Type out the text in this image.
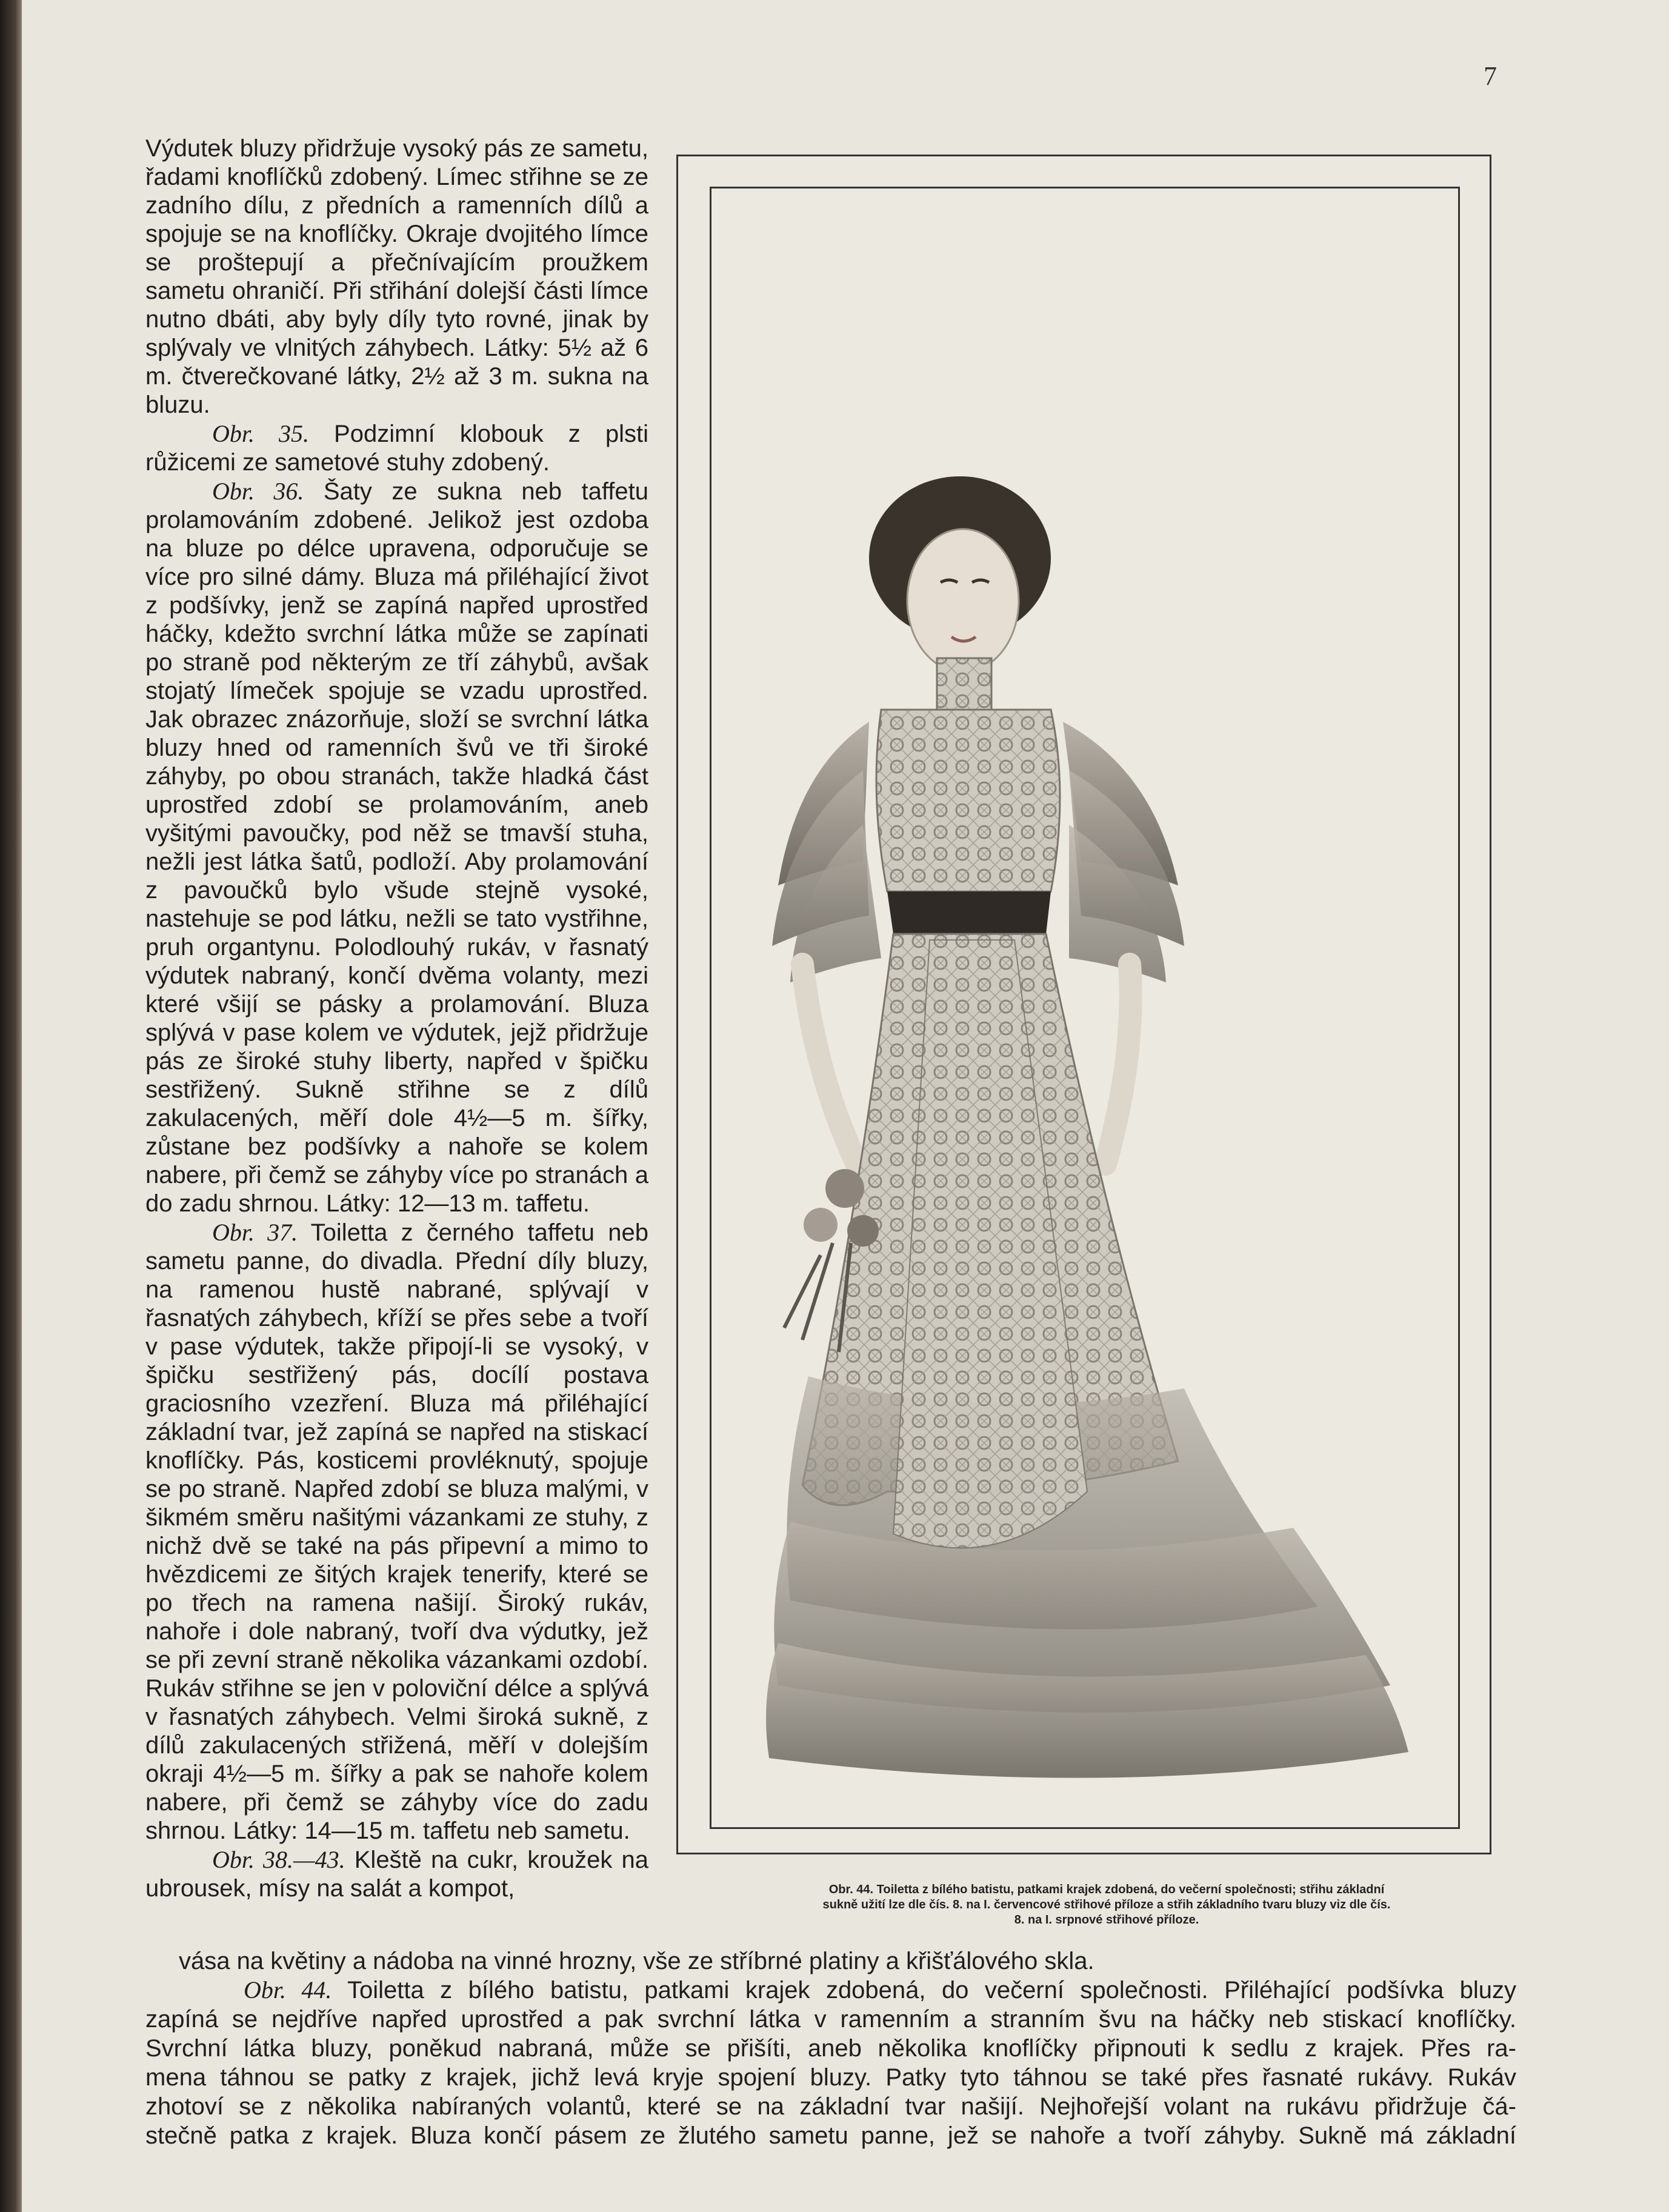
7

Výdutek bluzy přidržuje vysoký pás ze sametu, řadami knoflíčků zdobený. Límec střihne se ze zadního dílu, z předních a ramenních dílů a spojuje se na knoflíčky. Okraje dvojitého límce se proštepují a přečnívajícím proužkem sametu ohraničí. Při střihání dolejší části límce nutno dbáti, aby byly díly tyto rovné, jinak by splývaly ve vlnitých záhybech. Látky: 5½ až 6 m. čtverečkované látky, 2½ až 3 m. sukna na bluzu.

Obr. 35. Podzimní klobouk z plsti růžicemi ze sametové stuhy zdobený.

Obr. 36. Šaty ze sukna neb taffetu prolamováním zdobené. Jelikož jest ozdoba na bluze po délce upravena, odporučuje se více pro silné dámy. Bluza má přiléhající život z podšívky, jenž se zapíná napřed uprostřed háčky, kdežto svrchní látka může se zapínati po straně pod některým ze tří záhybů, avšak stojatý límeček spojuje se vzadu uprostřed. Jak obrazec znázorňuje, složí se svrchní látka bluzy hned od ramenních švů ve tři široké záhyby, po obou stranách, takže hladká část uprostřed zdobí se prolamováním, aneb vyšitými pavoučky, pod něž se tmavší stuha, nežli jest látka šatů, podloží. Aby prolamování z pavoučků bylo všude stejně vysoké, nastehuje se pod látku, nežli se tato vystřihne, pruh organtynu. Polodlouhý rukáv, v řasnatý výdutek nabraný, končí dvěma volanty, mezi které všijí se pásky a prolamování. Bluza splývá v pase kolem ve výdutek, jejž přidržuje pás ze široké stuhy liberty, napřed v špičku sestřižený. Sukně střihne se z dílů zakulacených, měří dole 4½—5 m. šířky, zůstane bez podšívky a nahoře se kolem nabere, při čemž se záhyby více po stranách a do zadu shrnou. Látky: 12—13 m. taffetu.

Obr. 37. Toiletta z černého taffetu neb sametu panne, do divadla. Přední díly bluzy, na ramenou hustě nabrané, splývají v řasnatých záhybech, kříží se přes sebe a tvoří v pase výdutek, takže připojí-li se vysoký, v špičku sestřižený pás, docílí postava graciosního vzezření. Bluza má přiléhající základní tvar, jež zapíná se napřed na stiskací knoflíčky. Pás, kosticemi provléknutý, spojuje se po straně. Napřed zdobí se bluza malými, v šikmém směru našitými vázankami ze stuhy, z nichž dvě se také na pás připevní a mimo to hvězdicemi ze šitých krajek tenerify, které se po třech na ramena našijí. Široký rukáv, nahoře i dole nabraný, tvoří dva výdutky, jež se při zevní straně několika vázankami ozdobí. Rukáv střihne se jen v poloviční délce a splývá v řasnatých záhybech. Velmi široká sukně, z dílů zakulacených střižená, měří v dolejším okraji 4½—5 m. šířky a pak se nahoře kolem nabere, při čemž se záhyby více do zadu shrnou. Látky: 14—15 m. taffetu neb sametu.

Obr. 38.—43. Kleště na cukr, kroužek na ubrousek, mísy na salát a kompot,	Obr. 44. Toiletta z bílého batistu, patkami krajek zdobená, do večerní společnosti; střihu základní
sukně užití lze dle čís. 8. na I. červencové střihové příloze a střih základního tvaru bluzy viz dle čís.
8. na I. srpnové střihové příloze.
vása na květiny a nádoba na vinné hrozny, vše ze stříbrné platiny a křišťálového skla.
Obr. 44. Toiletta z bílého batistu, patkami krajek zdobená, do večerní společnosti. Přiléhající podšívka bluzy
zapíná se nejdříve napřed uprostřed a pak svrchní látka v ramenním a stranním švu na háčky neb stiskací knoflíčky.
Svrchní látka bluzy, poněkud nabraná, může se přišíti, aneb několika knoflíčky připnouti k sedlu z krajek. Přes ra-
mena táhnou se patky z krajek, jichž levá kryje spojení bluzy. Patky tyto táhnou se také přes řasnaté rukávy. Rukáv
zhotoví se z několika nabíraných volantů, které se na základní tvar našijí. Nejhořejší volant na rukávu přidržuje čá-
stečně patka z krajek. Bluza končí pásem ze žlutého sametu panne, jež se nahoře a tvoří záhyby. Sukně má základní
